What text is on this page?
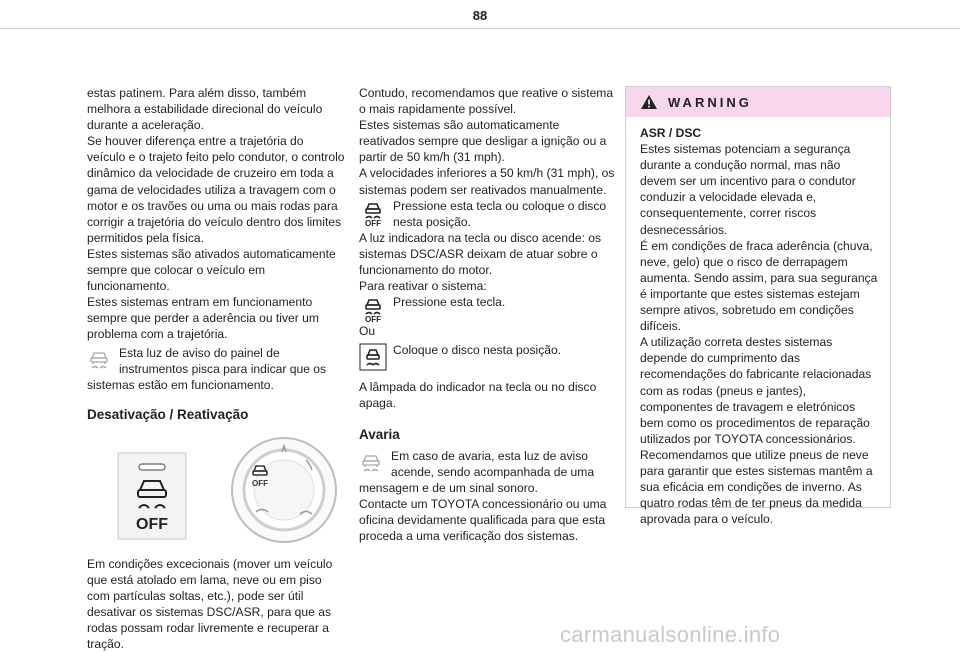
88

estas patinem. Para além disso, também melhora a estabilidade direcional do veículo durante a aceleração.

Se houver diferença entre a trajetória do veículo e o trajeto feito pelo condutor, o controlo dinâmico da velocidade de cruzeiro em toda a gama de velocidades utiliza a travagem com o motor e os travões ou uma ou mais rodas para corrigir a trajetória do veículo dentro dos limites permitidos pela física.

Estes sistemas são ativados automaticamente sempre que colocar o veículo em funcionamento.

Estes sistemas entram em funcionamento sempre que perder a aderência ou tiver um problema com a trajetória.

Esta luz de aviso do painel de instrumentos pisca para indicar que os sistemas estão em funcionamento.

Desativação / Reativação

OFF
OFF

Em condições excecionais (mover um veículo que está atolado em lama, neve ou em piso com partículas soltas, etc.), pode ser útil desativar os sistemas DSC/ASR, para que as rodas possam rodar livremente e recuperar a tração.

Contudo, recomendamos que reative o sistema o mais rapidamente possível.

Estes sistemas são automaticamente reativados sempre que desligar a ignição ou a partir de 50 km/h (31 mph).

A velocidades inferiores a 50 km/h (31 mph), os sistemas podem ser reativados manualmente.

OFF

Pressione esta tecla ou coloque o disco nesta posição.

A luz indicadora na tecla ou disco acende: os sistemas DSC/ASR deixam de atuar sobre o funcionamento do motor.

Para reativar o sistema:

OFF

Pressione esta tecla.

Ou

Coloque o disco nesta posição.

A lâmpada do indicador na tecla ou no disco apaga.

Avaria

Em caso de avaria, esta luz de aviso acende, sendo acompanhada de uma mensagem e de um sinal sonoro.

Contacte um TOYOTA concessionário ou uma oficina devidamente qualificada para que esta proceda a uma verificação dos sistemas.

WARNING

ASR / DSC

Estes sistemas potenciam a segurança durante a condução normal, mas não devem ser um incentivo para o condutor conduzir a velocidade elevada e, consequentemente, correr riscos desnecessários.

É em condições de fraca aderência (chuva, neve, gelo) que o risco de derrapagem aumenta. Sendo assim, para sua segurança é importante que estes sistemas estejam sempre ativos, sobretudo em condições difíceis.

A utilização correta destes sistemas depende do cumprimento das recomendações do fabricante relacionadas com as rodas (pneus e jantes), componentes de travagem e eletrónicos bem como os procedimentos de reparação utilizados por TOYOTA concessionários.

Recomendamos que utilize pneus de neve para garantir que estes sistemas mantêm a sua eficácia em condições de inverno. As quatro rodas têm de ter pneus da medida aprovada para o veículo.

carmanualsonline.info
